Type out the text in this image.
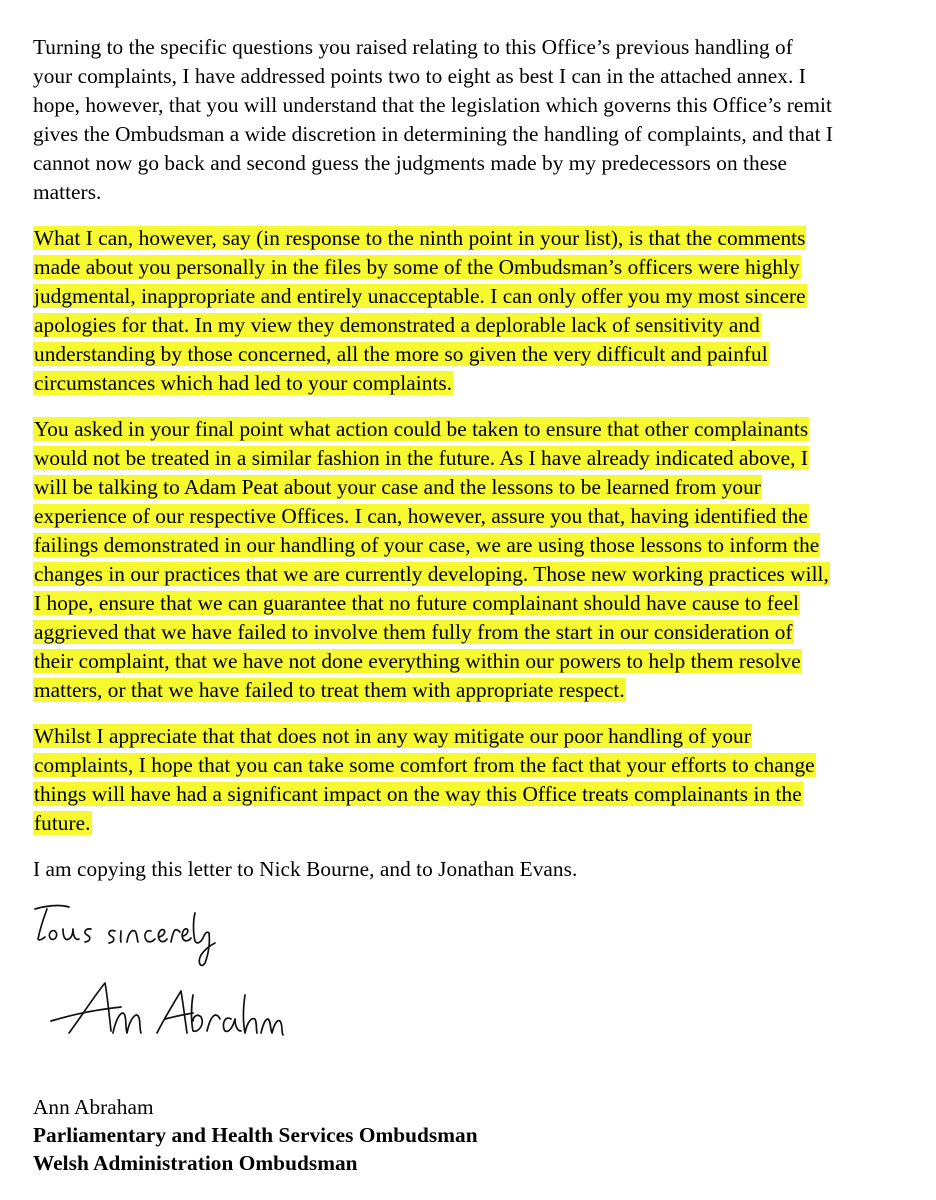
Turning to the specific questions you raised relating to this Office’s previous handling of
your complaints, I have addressed points two to eight as best I can in the attached annex. I
hope, however, that you will understand that the legislation which governs this Office’s remit
gives the Ombudsman a wide discretion in determining the handling of complaints, and that I
cannot now go back and second guess the judgments made by my predecessors on these
matters.
What I can, however, say (in response to the ninth point in your list), is that the comments
made about you personally in the files by some of the Ombudsman’s officers were highly
judgmental, inappropriate and entirely unacceptable. I can only offer you my most sincere
apologies for that. In my view they demonstrated a deplorable lack of sensitivity and
understanding by those concerned, all the more so given the very difficult and painful
circumstances which had led to your complaints.
You asked in your final point what action could be taken to ensure that other complainants
would not be treated in a similar fashion in the future. As I have already indicated above, I
will be talking to Adam Peat about your case and the lessons to be learned from your
experience of our respective Offices. I can, however, assure you that, having identified the
failings demonstrated in our handling of your case, we are using those lessons to inform the
changes in our practices that we are currently developing. Those new working practices will,
I hope, ensure that we can guarantee that no future complainant should have cause to feel
aggrieved that we have failed to involve them fully from the start in our consideration of
their complaint, that we have not done everything within our powers to help them resolve
matters, or that we have failed to treat them with appropriate respect.
Whilst I appreciate that that does not in any way mitigate our poor handling of your
complaints, I hope that you can take some comfort from the fact that your efforts to change
things will have had a significant impact on the way this Office treats complainants in the
future.
I am copying this letter to Nick Bourne, and to Jonathan Evans.
Ann Abraham
Parliamentary and Health Services Ombudsman
Welsh Administration Ombudsman
